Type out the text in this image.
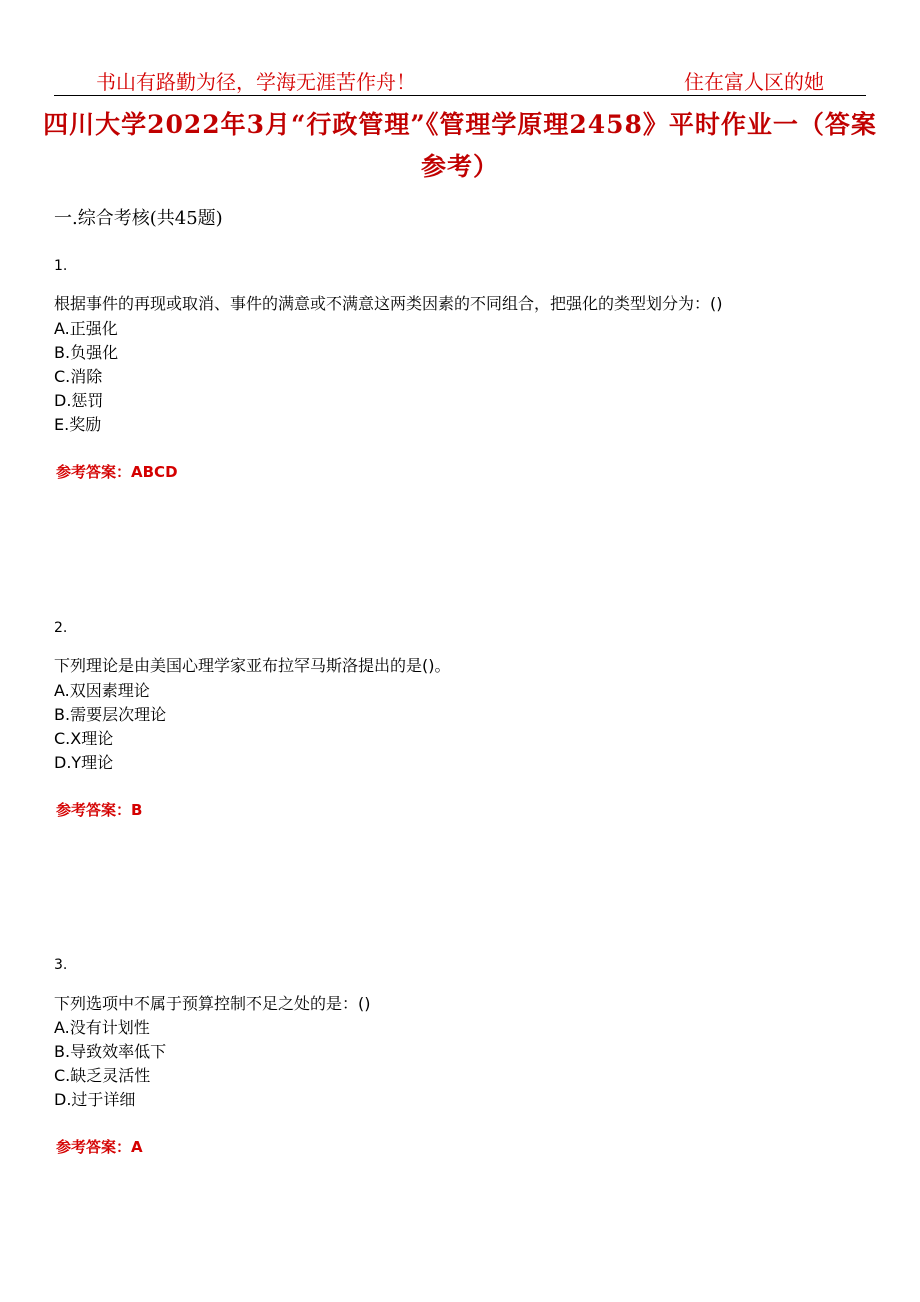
书山有路勤为径，学海无涯苦作舟！	住在富人区的她
四川大学2022年3月“行政管理”《管理学原理2458》平时作业一（答案参考）
一.综合考核(共45题)
1.
根据事件的再现或取消、事件的满意或不满意这两类因素的不同组合，把强化的类型划分为：()
A.正强化
B.负强化
C.消除
D.惩罚
E.奖励
参考答案：ABCD
2.
下列理论是由美国心理学家亚布拉罕马斯洛提出的是()。
A.双因素理论
B.需要层次理论
C.X理论
D.Y理论
参考答案：B
3.
下列选项中不属于预算控制不足之处的是：()
A.没有计划性
B.导致效率低下
C.缺乏灵活性
D.过于详细
参考答案：A
